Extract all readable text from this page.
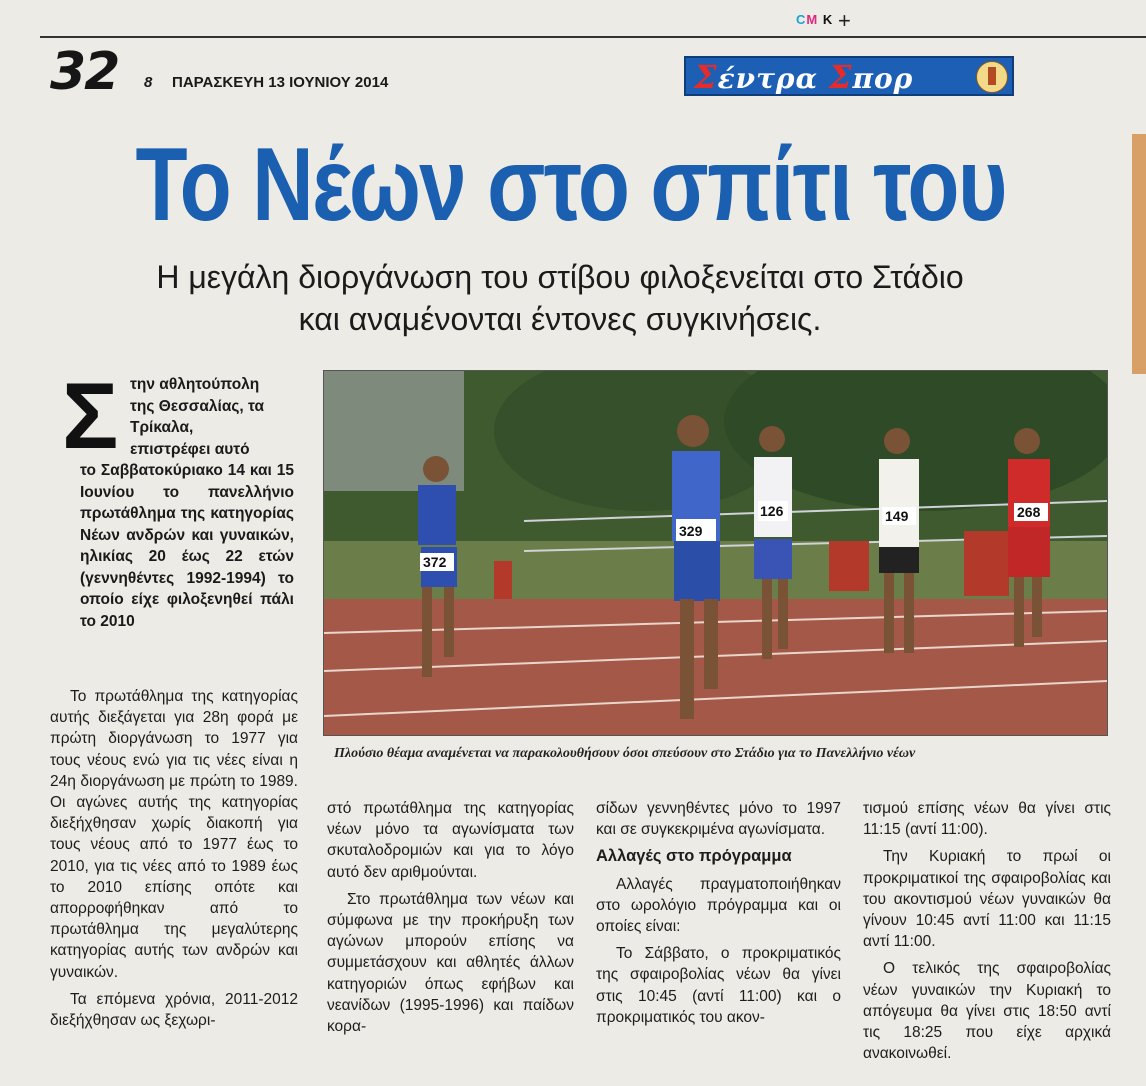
CM K +
32 8 ΠΑΡΑΣΚΕΥΗ 13 ΙΟΥΝΙΟΥ 2014	Σέντρα Σπορ
Το Νέων στο σπίτι του
Η μεγάλη διοργάνωση του στίβου φιλοξενείται στο Στάδιο
και αναμένονται έντονες συγκινήσεις.
Σ την αθλητούπολη
της Θεσσαλίας, τα
Τρίκαλα,
επιστρέφει αυτό
το Σαββατοκύριακο 14 και 15 Ιουνίου το πανελλήνιο πρωτάθλημα της κατηγορίας Νέων ανδρών και γυναικών, ηλικίας 20 έως 22 ετών (γεννηθέντες 1992-1994) το οποίο είχε φιλοξενηθεί πάλι το 2010
372
329
126	149	268
Πλούσιο θέαμα αναμένεται να παρακολουθήσουν όσοι σπεύσουν στο Στάδιο για το Πανελλήνιο νέων

Το πρωτάθλημα της κατηγορίας αυτής διεξάγεται για 28η φορά με πρώτη διοργάνωση το 1977 για τους νέους ενώ για τις νέες είναι η 24η διοργάνωση με πρώτη το 1989. Οι αγώνες αυτής της κατηγορίας διεξήχθησαν χωρίς διακοπή για τους νέους από το 1977 έως το 2010, για τις νέες από το 1989 έως το 2010 επίσης οπότε και απορροφήθηκαν από το πρωτάθλημα της μεγαλύτερης κατηγορίας αυτής των ανδρών και γυναικών.

Τα επόμενα χρόνια, 2011-2012 διεξήχθησαν ως ξεχωρι-

στό πρωτάθλημα της κατηγορίας νέων μόνο τα αγωνίσματα των σκυταλοδρομιών και για το λόγο αυτό δεν αριθμούνται.

Στο πρωτάθλημα των νέων και σύμφωνα με την προκήρυξη των αγώνων μπορούν επίσης να συμμετάσχουν και αθλητές άλλων κατηγοριών όπως εφήβων και νεανίδων (1995-1996) και παίδων κορα-

σίδων γεννηθέντες μόνο το 1997 και σε συγκεκριμένα αγωνίσματα.

Αλλαγές στο πρόγραμμα

Αλλαγές πραγματοποιήθηκαν στο ωρολόγιο πρόγραμμα και οι οποίες είναι:

Το Σάββατο, ο προκριματικός της σφαιροβολίας νέων θα γίνει στις 10:45 (αντί 11:00) και ο προκριματικός του ακον-

τισμού επίσης νέων θα γίνει στις 11:15 (αντί 11:00).

Την Κυριακή το πρωί οι προκριματικοί της σφαιροβολίας και του ακοντισμού νέων γυναικών θα γίνουν 10:45 αντί 11:00 και 11:15 αντί 11:00.

Ο τελικός της σφαιροβολίας νέων γυναικών την Κυριακή το απόγευμα θα γίνει στις 18:50 αντί τις 18:25 που είχε αρχικά ανακοινωθεί.
